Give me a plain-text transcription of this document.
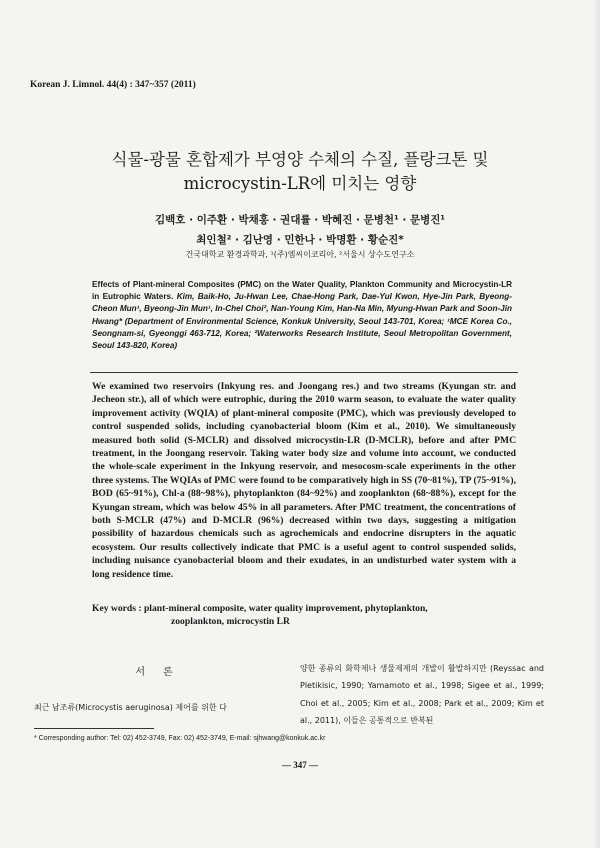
Korean J. Limnol. 44(4) : 347~357 (2011)
식물-광물 혼합제가 부영양 수체의 수질, 플랑크톤 및
microcystin-LR에 미치는 영향
김백호 · 이주환 · 박채홍 · 권대률 · 박혜진 · 문병천¹ · 문병진¹
최인철² · 김난영 · 민한나 · 박명환 · 황순진*
건국대학교 환경과학과, ¹(주)엠씨이코리아, ²서울시 상수도연구소
Effects of Plant-mineral Composites (PMC) on the Water Quality, Plankton Community and Microcystin-LR in Eutrophic Waters. Kim, Baik-Ho, Ju-Hwan Lee, Chae-Hong Park, Dae-Yul Kwon, Hye-Jin Park, Byeong-Cheon Mun¹, Byeong-Jin Mun¹, In-Chel Choi², Nan-Young Kim, Han-Na Min, Myung-Hwan Park and Soon-Jin Hwang* (Department of Environmental Science, Konkuk University, Seoul 143-701, Korea; ¹MCE Korea Co., Seongnam-si, Gyeonggi 463-712, Korea; ²Waterworks Research Institute, Seoul Metropolitan Government, Seoul 143-820, Korea)
We examined two reservoirs (Inkyung res. and Joongang res.) and two streams (Kyungan str. and Jecheon str.), all of which were eutrophic, during the 2010 warm season, to evaluate the water quality improvement activity (WQIA) of plant-mineral composite (PMC), which was previously developed to control suspended solids, including cyanobacterial bloom (Kim et al., 2010). We simultaneously measured both solid (S-MCLR) and dissolved microcystin-LR (D-MCLR), before and after PMC treatment, in the Joongang reservoir. Taking water body size and volume into account, we conducted the whole-scale experiment in the Inkyung reservoir, and mesocosm-scale experiments in the other three systems. The WQIAs of PMC were found to be comparatively high in SS (70~81%), TP (75~91%), BOD (65~91%), Chl-a (88~98%), phytoplankton (84~92%) and zooplankton (68~88%), except for the Kyungan stream, which was below 45% in all parameters. After PMC treatment, the concentrations of both S-MCLR (47%) and D-MCLR (96%) decreased within two days, suggesting a mitigation possibility of hazardous chemicals such as agrochemicals and endocrine disrupters in the aquatic ecosystem. Our results collectively indicate that PMC is a useful agent to control suspended solids, including nuisance cyanobacterial bloom and their exudates, in an undisturbed water system with a long residence time.
Key words : plant-mineral composite, water quality improvement, phytoplankton,
zooplankton, microcystin LR
서론
최근 남조류(Microcystis aeruginosa) 제어를 위한 다
양한 종류의 화학제나 생물제제의 개발이 활발하지만 (Reyssac and Pletikisic, 1990; Yamamoto et al., 1998; Sigee et al., 1999; Choi et al., 2005; Kim et al., 2008; Park et al., 2009; Kim et al., 2011), 이들은 공통적으로 반복된
* Corresponding author: Tel: 02) 452-3749, Fax: 02) 452-3749, E-mail: sjhwang@konkuk.ac.kr
— 347 —
